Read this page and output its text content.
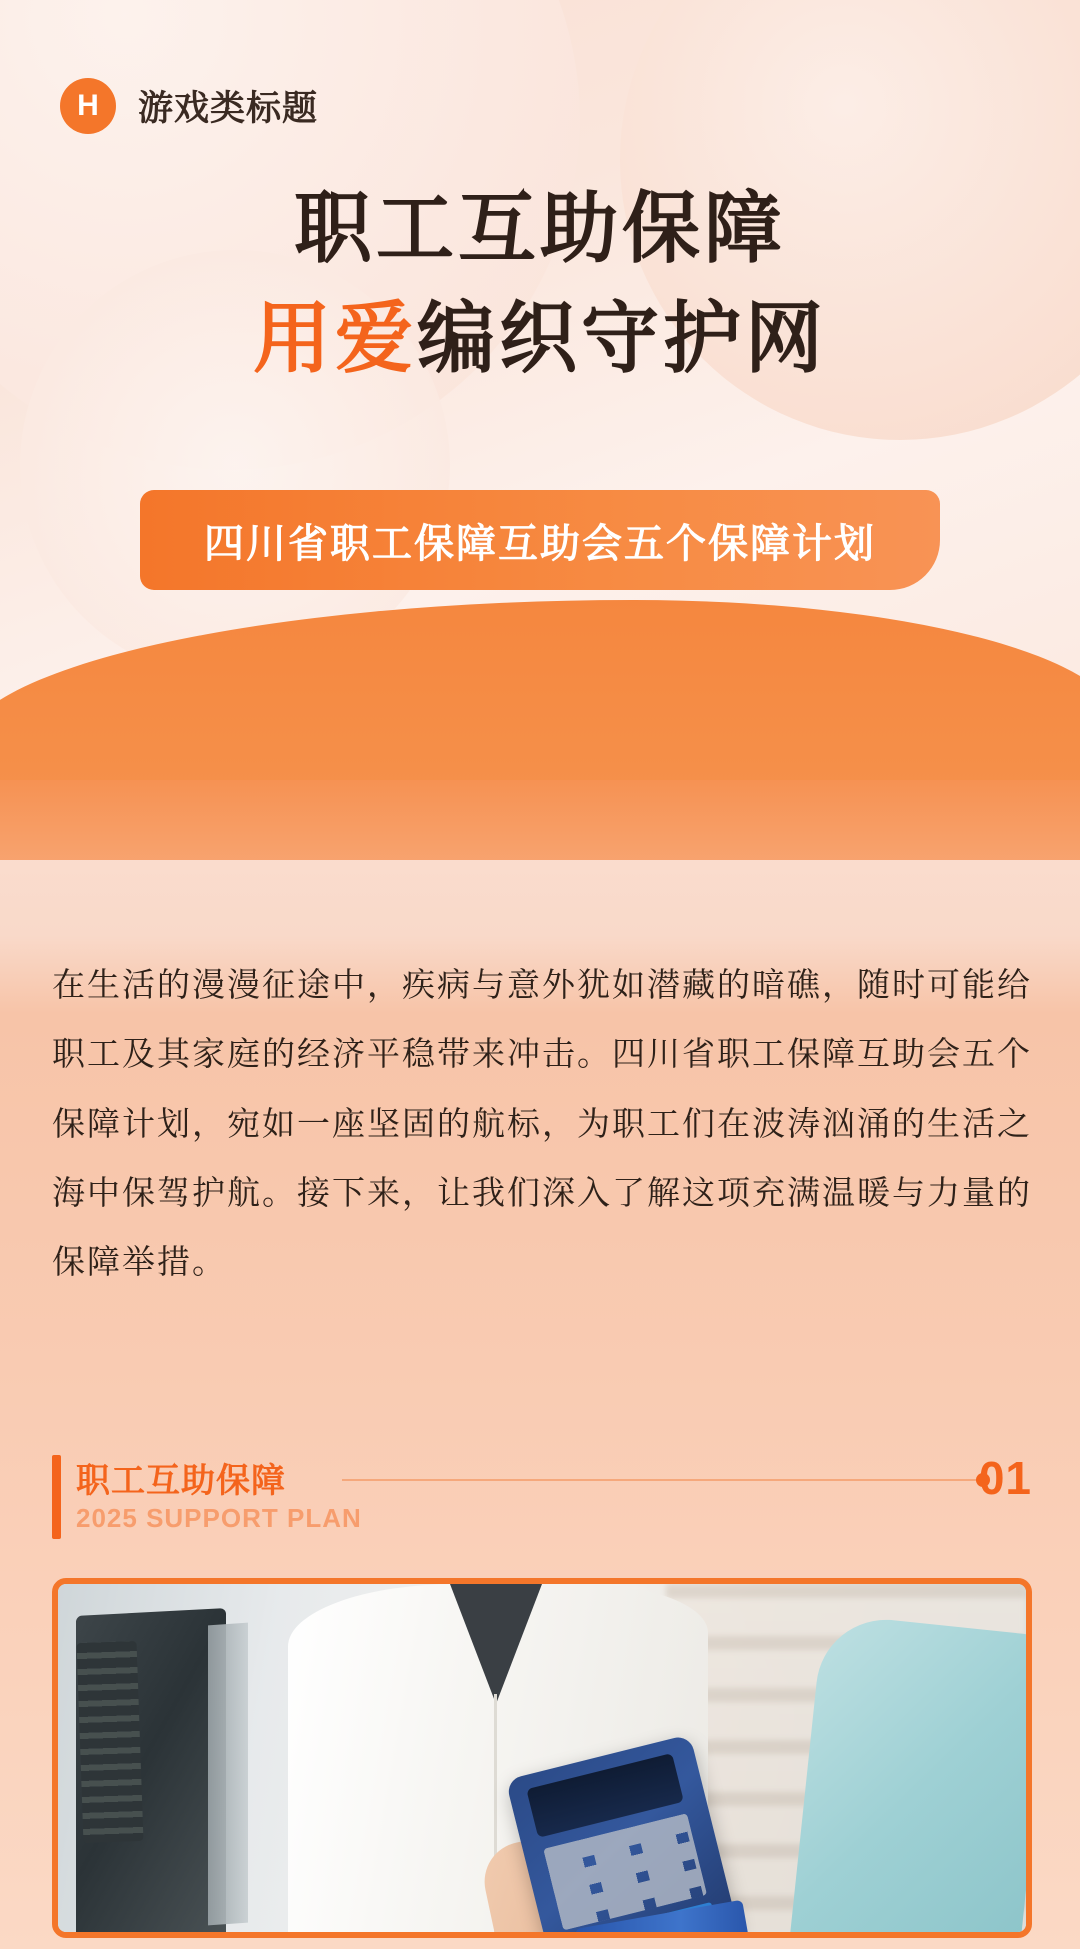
H	游戏类标题
职工互助保障
用爱编织守护网
四川省职工保障互助会五个保障计划
在生活的漫漫征途中，疾病与意外犹如潜藏的暗礁，随时可能给职工及其家庭的经济平稳带来冲击。四川省职工保障互助会五个保障计划，宛如一座坚固的航标，为职工们在波涛汹涌的生活之海中保驾护航。接下来，让我们深入了解这项充满温暖与力量的保障举措。
职工互助保障
2025 SUPPORT PLAN
01
